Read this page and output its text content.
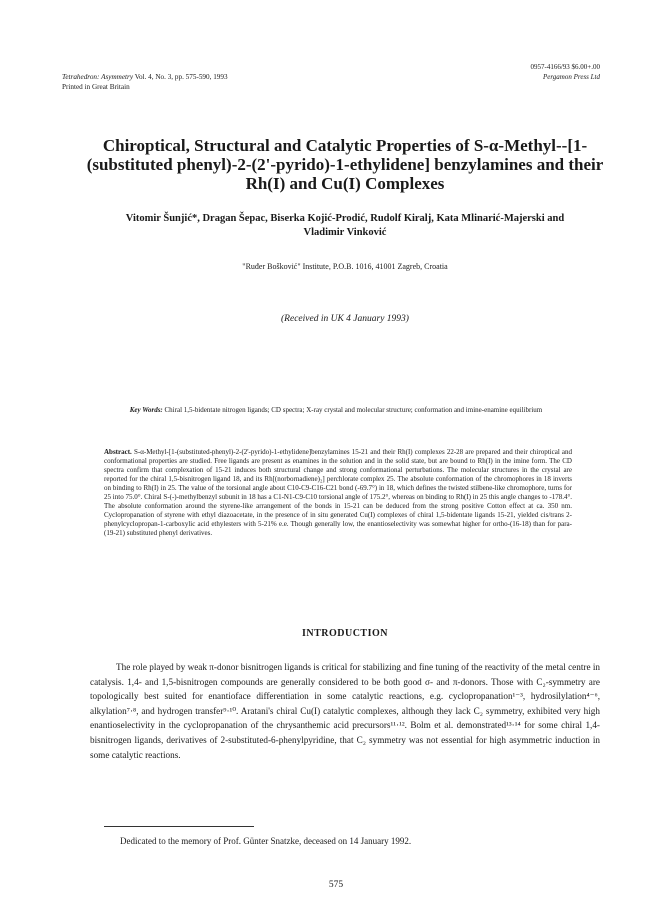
Tetrahedron: Asymmetry Vol. 4, No. 3, pp. 575-590, 1993
Printed in Great Britain
0957-4166/93 $6.00+.00
Pergamon Press Ltd
Chiroptical, Structural and Catalytic Properties of S-α-Methyl--[1-(substituted phenyl)-2-(2'-pyrido)-1-ethylidene] benzylamines and their Rh(I) and Cu(I) Complexes
Vitomir Šunjić*, Dragan Šepac, Biserka Kojić-Prodić, Rudolf Kiralj, Kata Mlinarić-Majerski and Vladimir Vinković
"Ruđer Bošković" Institute, P.O.B. 1016, 41001 Zagreb, Croatia
(Received in UK 4 January 1993)
Key Words: Chiral 1,5-bidentate nitrogen ligands; CD spectra; X-ray crystal and molecular structure; conformation and imine-enamine equilibrium
Abstract. S-α-Methyl-[1-(substituted-phenyl)-2-(2'-pyrido)-1-ethylidene]benzylamines 15-21 and their Rh(I) complexes 22-28 are prepared and their chiroptical and conformational properties are studied. Free ligands are present as enamines in the solution and in the solid state, but are bound to Rh(I) in the imine form. The CD spectra confirm that complexation of 15-21 induces both structural change and strong conformational perturbations. The molecular structures in the crystal are reported for the chiral 1,5-bisnitrogen ligand 18, and its Rh[(norbornadiene)₂] perchlorate complex 25. The absolute conformation of the chromophores in 18 inverts on binding to Rh(I) in 25. The value of the torsional angle about C10-C9-C16-C21 bond (-69.7°) in 18, which defines the twisted stilbene-like chromophore, turns for 25 into 75.0°. Chiral S-(-)-methylbenzyl subunit in 18 has a C1-N1-C9-C10 torsional angle of 175.2°, whereas on binding to Rh(I) in 25 this angle changes to -178.4°. The absolute conformation around the styrene-like arrangement of the bonds in 15-21 can be deduced from the strong positive Cotton effect at ca. 350 nm. Cyclopropanation of styrene with ethyl diazoacetate, in the presence of in situ generated Cu(I) complexes of chiral 1,5-bidentate ligands 15-21, yielded cis/trans 2-phenylcyclopropan-1-carboxylic acid ethylesters with 5-21% e.e. Though generally low, the enantioselectivity was somewhat higher for ortho-(16-18) than for para-(19-21) substituted phenyl derivatives.
INTRODUCTION
The role played by weak π-donor bisnitrogen ligands is critical for stabilizing and fine tuning of the reactivity of the metal centre in catalysis. 1,4- and 1,5-bisnitrogen compounds are generally considered to be both good σ- and π-donors. Those with C₂-symmetry are topologically best suited for enantioface differentiation in some catalytic reactions, e.g. cyclopropanation¹⁻³, hydrosilylation⁴⁻⁶, alkylation⁷·⁸, and hydrogen transfer⁹·¹⁰. Aratani's chiral Cu(I) catalytic complexes, although they lack C₂ symmetry, exhibited very high enantioselectivity in the cyclopropanation of the chrysanthemic acid precursors¹¹·¹². Bolm et al. demonstrated¹³·¹⁴ for some chiral 1,4-bisnitrogen ligands, derivatives of 2-substituted-6-phenylpyridine, that C₂ symmetry was not essential for high asymmetric induction in some catalytic reactions.
Dedicated to the memory of Prof. Günter Snatzke, deceased on 14 January 1992.
575
